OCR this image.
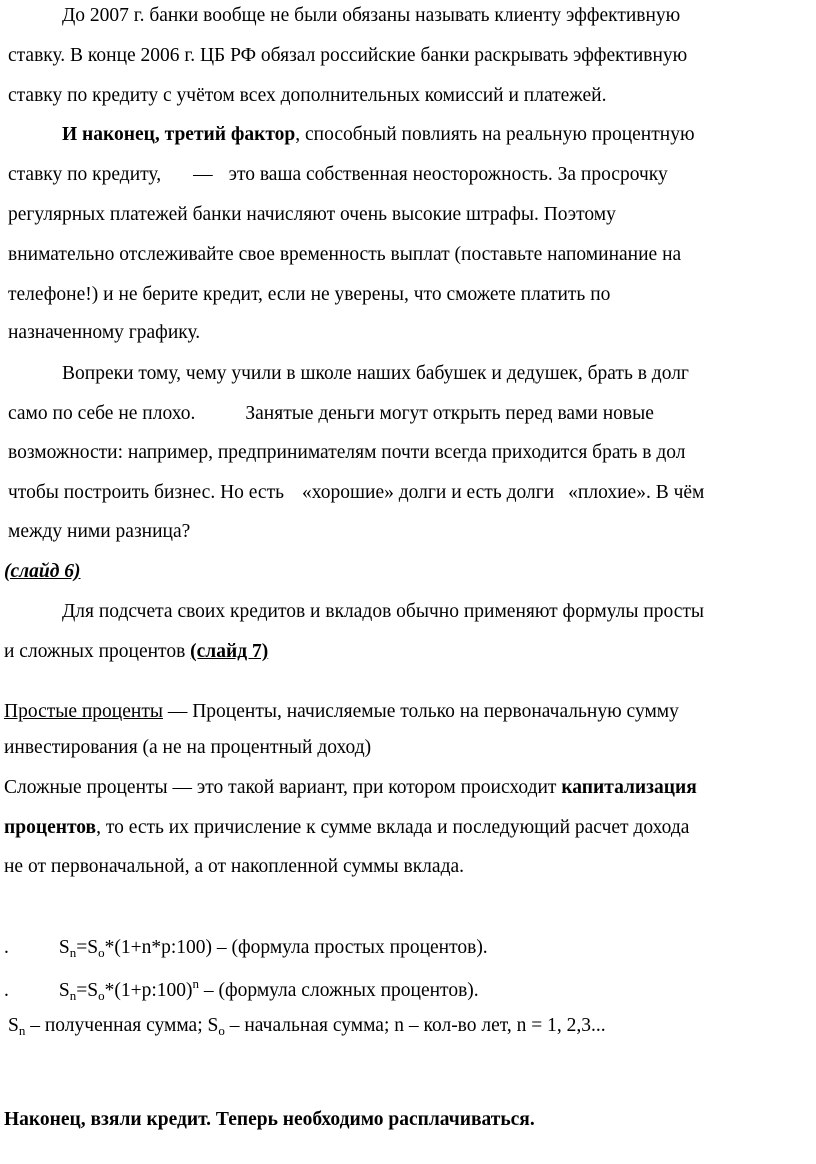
До 2007 г. банки вообще не были обязаны называть клиенту эффективную
ставку. В конце 2006 г. ЦБ РФ обязал российские банки раскрывать эффективную
ставку по кредиту с учётом всех дополнительных комиссий и платежей.
И наконец, третий фактор, способный повлиять на реальную процентную
ставку по кредиту, — это ваша собственная неосторожность. За просрочку
регулярных платежей банки начисляют очень высокие штрафы. Поэтому
внимательно отслеживайте свое временность выплат (поставьте напоминание на
телефоне!) и не берите кредит, если не уверены, что сможете платить по
назначенному графику.
Вопреки тому, чему учили в школе наших бабушек и дедушек, брать в долг
само по себе не плохо.	Занятые деньги могут открыть перед вами новые
возможности: например, предпринимателям почти всегда приходится брать в дол
чтобы построить бизнес. Но есть «хорошие» долги и есть долги «плохие». В чём
между ними разница?
(слайд 6)
Для подсчета своих кредитов и вкладов обычно применяют формулы просты
и сложных процентов (слайд 7)
Простые проценты — Проценты, начисляемые только на первоначальную сумму
инвестирования (а не на процентный доход)
Сложные проценты — это такой вариант, при котором происходит капитализация
процентов, то есть их причисление к сумме вклада и последующий расчет дохода
не от первоначальной, а от накопленной суммы вклада.
.	$S_n=S_o*(1+n*p:100)$ – (формула простых процентов).
.	$S_n=S_o*(1+p:100)^n$ – (формула сложных процентов).
$S_n$ – полученная сумма; $S_o$ – начальная сумма; n – кол-во лет, n = 1, 2,3...
Наконец, взяли кредит. Теперь необходимо расплачиваться.
